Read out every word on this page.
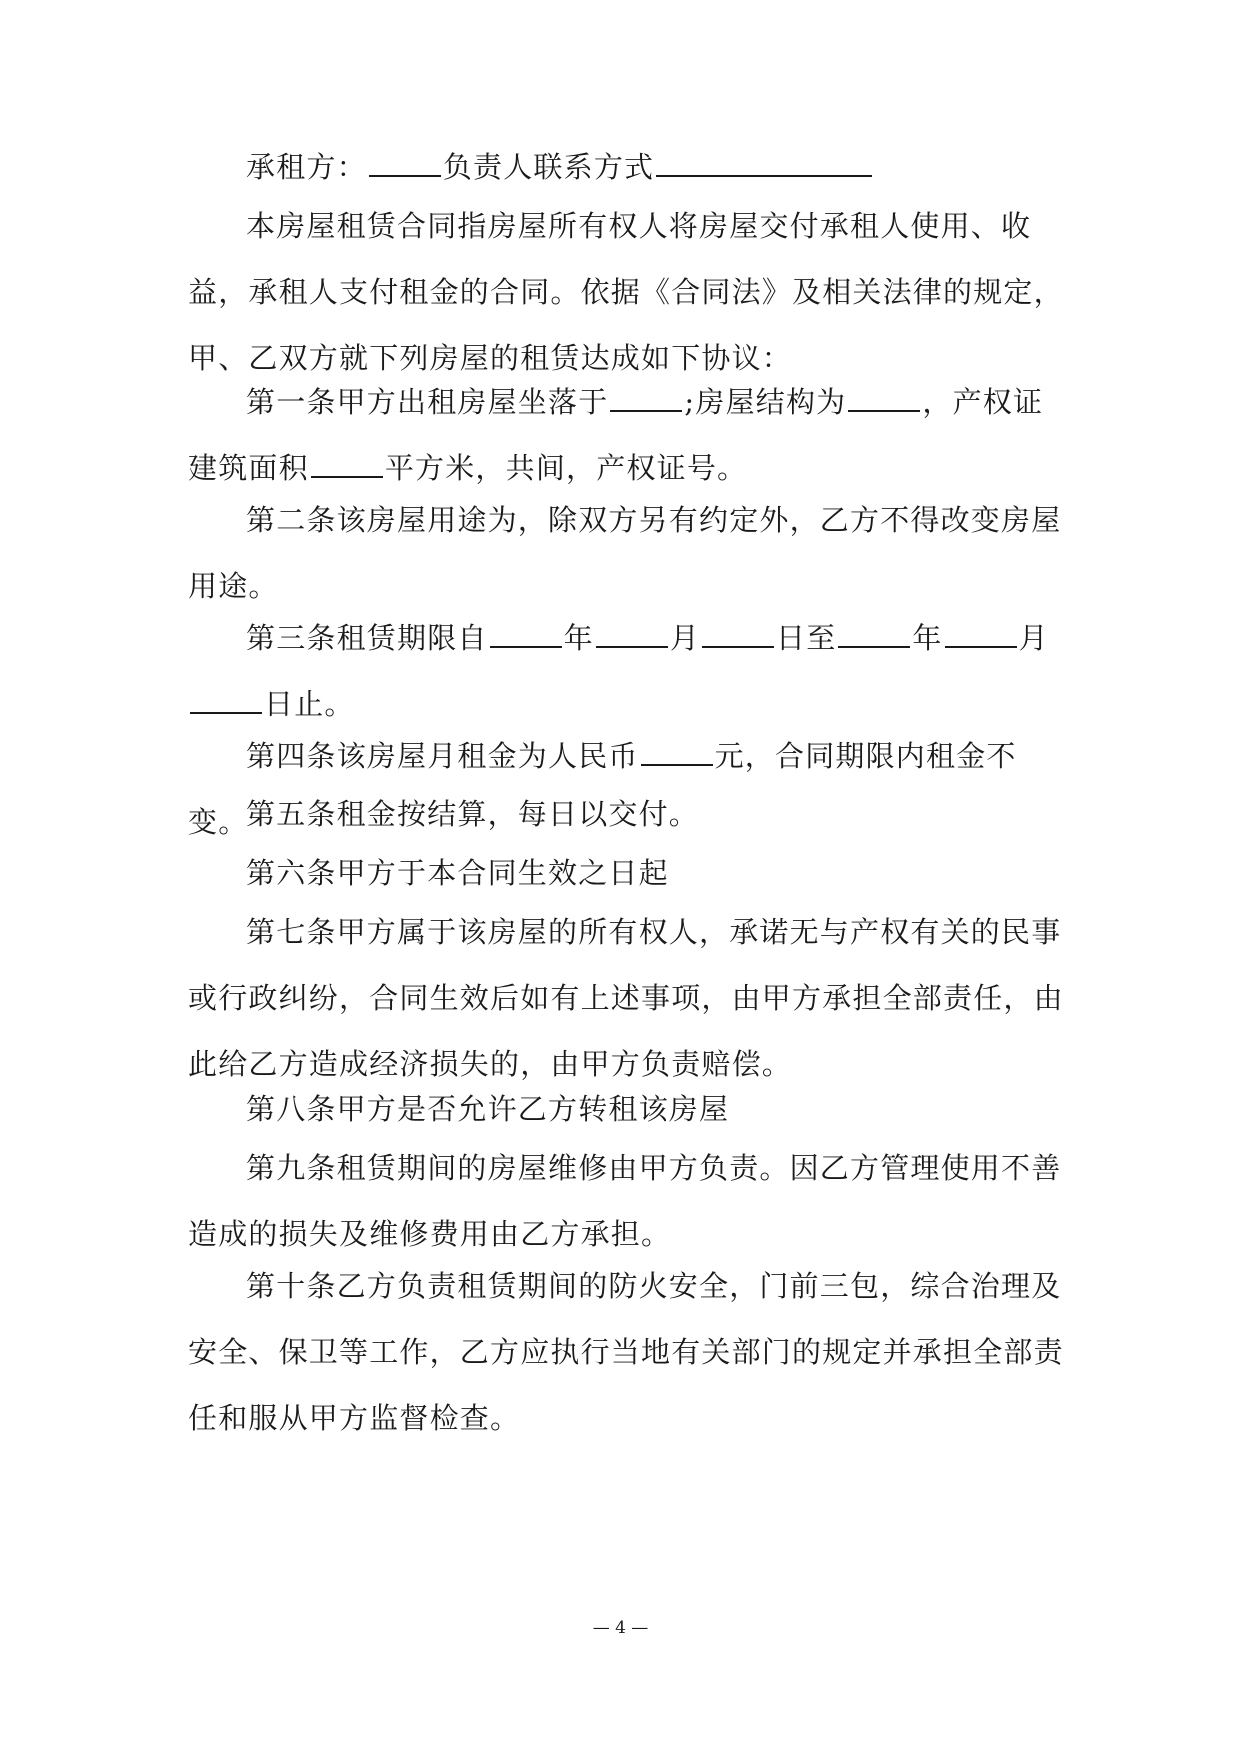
承租方：	负责人联系方式

本房屋租赁合同指房屋所有权人将房屋交付承租人使用、收益，承租人支付租金的合同。依据《合同法》及相关法律的规定，甲、乙双方就下列房屋的租赁达成如下协议：

第一条甲方出租房屋坐落于	;房屋结构为	，产权证建筑面积	平方米，共间，产权证号。

第二条该房屋用途为，除双方另有约定外，乙方不得改变房屋用途。

第三条租赁期限自	年	月	日至	年	月日止。

第四条该房屋月租金为人民币	元，合同期限内租金不变。

第五条租金按结算，每日以交付。

第六条甲方于本合同生效之日起

第七条甲方属于该房屋的所有权人，承诺无与产权有关的民事或行政纠纷，合同生效后如有上述事项，由甲方承担全部责任，由此给乙方造成经济损失的，由甲方负责赔偿。

第八条甲方是否允许乙方转租该房屋

第九条租赁期间的房屋维修由甲方负责。因乙方管理使用不善造成的损失及维修费用由乙方承担。

第十条乙方负责租赁期间的防火安全，门前三包，综合治理及安全、保卫等工作，乙方应执行当地有关部门的规定并承担全部责任和服从甲方监督检查。

— 4 —
